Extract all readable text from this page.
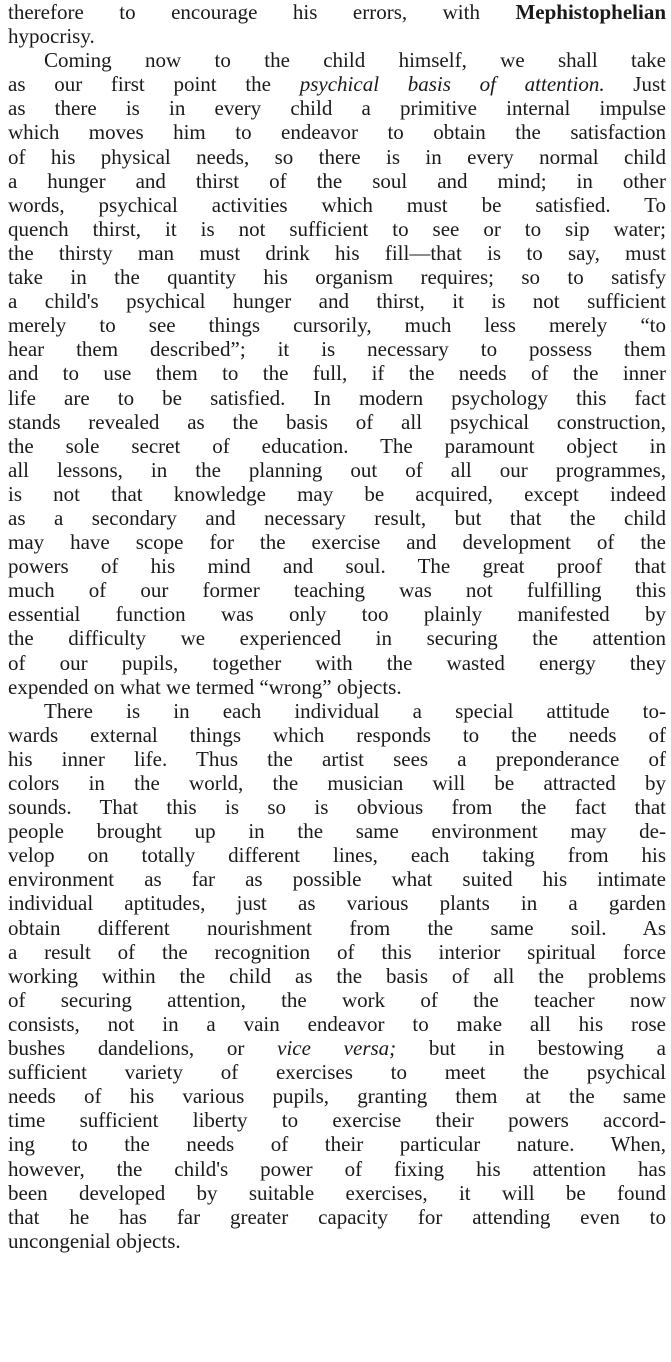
therefore to encourage his errors, with Mephistophelian
hypocrisy.

Coming now to the child himself, we shall take
as our first point the psychical basis of attention. Just
as there is in every child a primitive internal impulse
which moves him to endeavor to obtain the satisfaction
of his physical needs, so there is in every normal child
a hunger and thirst of the soul and mind; in other
words, psychical activities which must be satisfied. To
quench thirst, it is not sufficient to see or to sip water;
the thirsty man must drink his fill—that is to say, must
take in the quantity his organism requires; so to satisfy
a child's psychical hunger and thirst, it is not sufficient
merely to see things cursorily, much less merely “to
hear them described”; it is necessary to possess them
and to use them to the full, if the needs of the inner
life are to be satisfied. In modern psychology this fact
stands revealed as the basis of all psychical construction,
the sole secret of education. The paramount object in
all lessons, in the planning out of all our programmes,
is not that knowledge may be acquired, except indeed
as a secondary and necessary result, but that the child
may have scope for the exercise and development of the
powers of his mind and soul. The great proof that
much of our former teaching was not fulfilling this
essential function was only too plainly manifested by
the difficulty we experienced in securing the attention
of our pupils, together with the wasted energy they
expended on what we termed “wrong” objects.

There is in each individual a special attitude to-
wards external things which responds to the needs of
his inner life. Thus the artist sees a preponderance of
colors in the world, the musician will be attracted by
sounds. That this is so is obvious from the fact that
people brought up in the same environment may de-
velop on totally different lines, each taking from his
environment as far as possible what suited his intimate
individual aptitudes, just as various plants in a garden
obtain different nourishment from the same soil. As
a result of the recognition of this interior spiritual force
working within the child as the basis of all the problems
of securing attention, the work of the teacher now
consists, not in a vain endeavor to make all his rose
bushes dandelions, or vice versa; but in bestowing a
sufficient variety of exercises to meet the psychical
needs of his various pupils, granting them at the same
time sufficient liberty to exercise their powers accord-
ing to the needs of their particular nature. When,
however, the child's power of fixing his attention has
been developed by suitable exercises, it will be found
that he has far greater capacity for attending even to
uncongenial objects.
